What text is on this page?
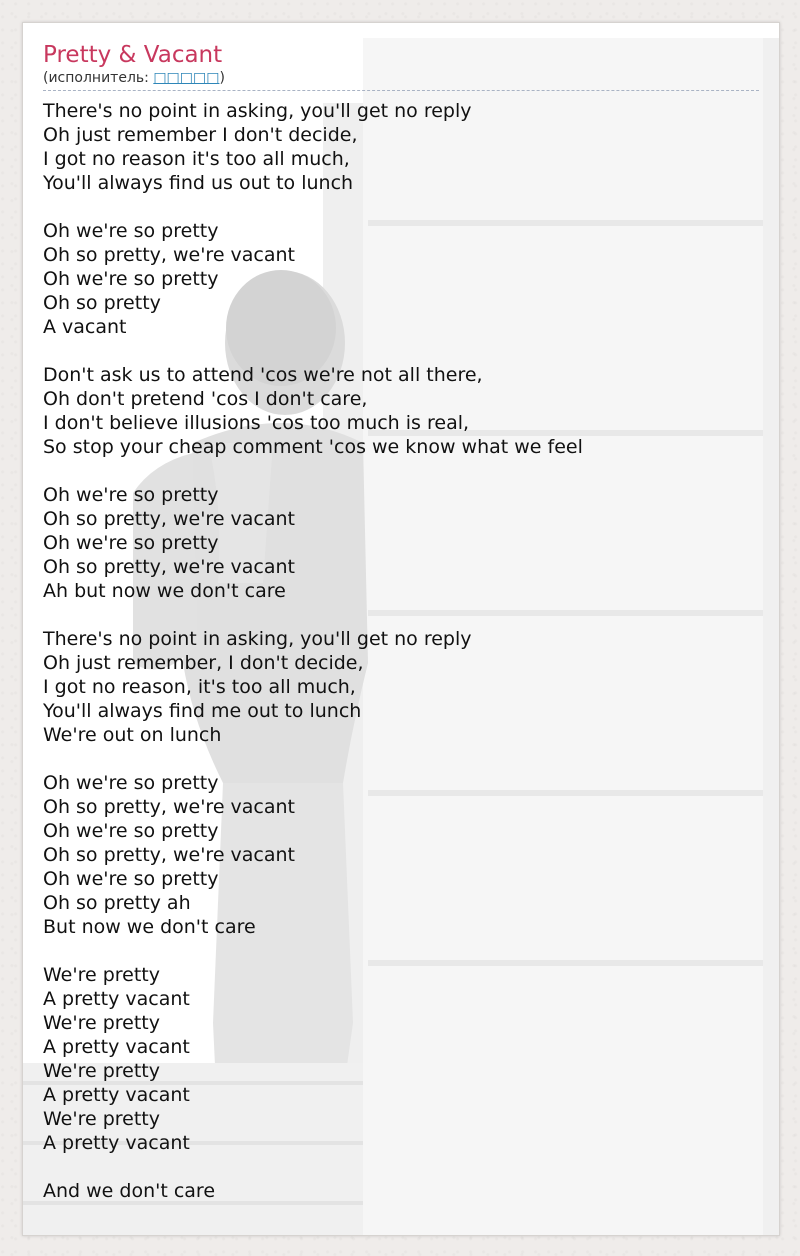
Pretty & Vacant
(исполнитель: □□□□□)
There's no point in asking, you'll get no reply
Oh just remember I don't decide,
I got no reason it's too all much,
You'll always find us out to lunch
Oh we're so pretty
Oh so pretty, we're vacant
Oh we're so pretty
Oh so pretty
A vacant
Don't ask us to attend 'cos we're not all there,
Oh don't pretend 'cos I don't care,
I don't believe illusions 'cos too much is real,
So stop your cheap comment 'cos we know what we feel
Oh we're so pretty
Oh so pretty, we're vacant
Oh we're so pretty
Oh so pretty, we're vacant
Ah but now we don't care
There's no point in asking, you'll get no reply
Oh just remember, I don't decide,
I got no reason, it's too all much,
You'll always find me out to lunch
We're out on lunch
Oh we're so pretty
Oh so pretty, we're vacant
Oh we're so pretty
Oh so pretty, we're vacant
Oh we're so pretty
Oh so pretty ah
But now we don't care
We're pretty
A pretty vacant
We're pretty
A pretty vacant
We're pretty
A pretty vacant
We're pretty
A pretty vacant
And we don't care
